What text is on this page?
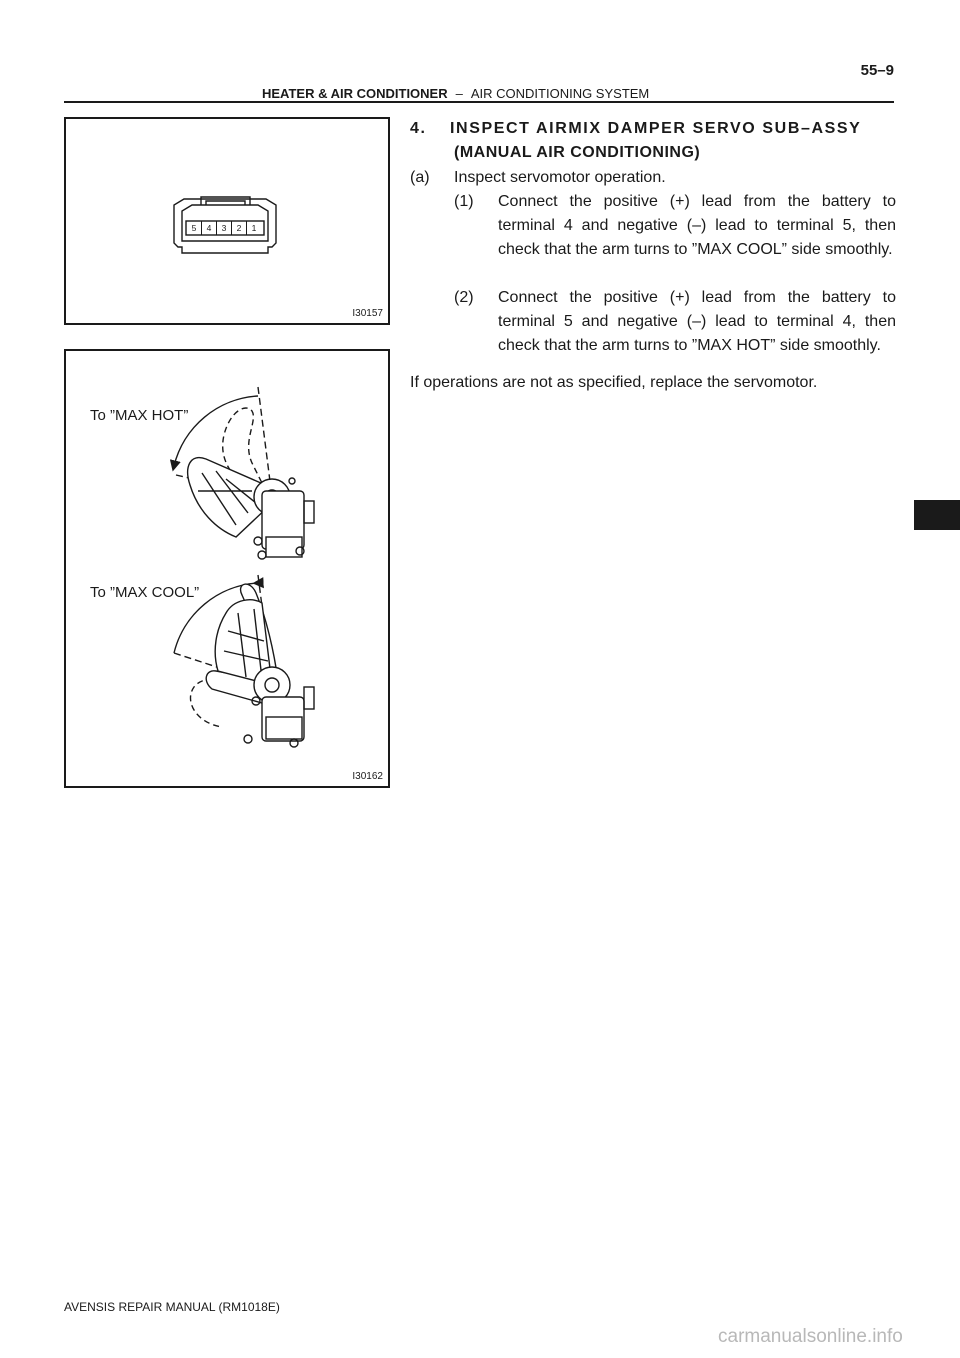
HEATER & AIR CONDITIONER – AIR CONDITIONING SYSTEM
55–9
5 4 3 2 1
I30157
To ”MAX HOT”
To ”MAX COOL”
I30162
4. INSPECT AIRMIX DAMPER SERVO SUB–ASSY
(MANUAL AIR CONDITIONING)
(a) Inspect servomotor operation.
(1)	Connect the positive (+) lead from the battery to terminal 4 and negative (–) lead to terminal 5, then check that the arm turns to ”MAX COOL” side smoothly.
(2)	Connect the positive (+) lead from the battery to terminal 5 and negative (–) lead to terminal 4, then check that the arm turns to ”MAX HOT” side smoothly.
If operations are not as specified, replace the servomotor.
AVENSIS REPAIR MANUAL (RM1018E)
carmanualsonline.info
